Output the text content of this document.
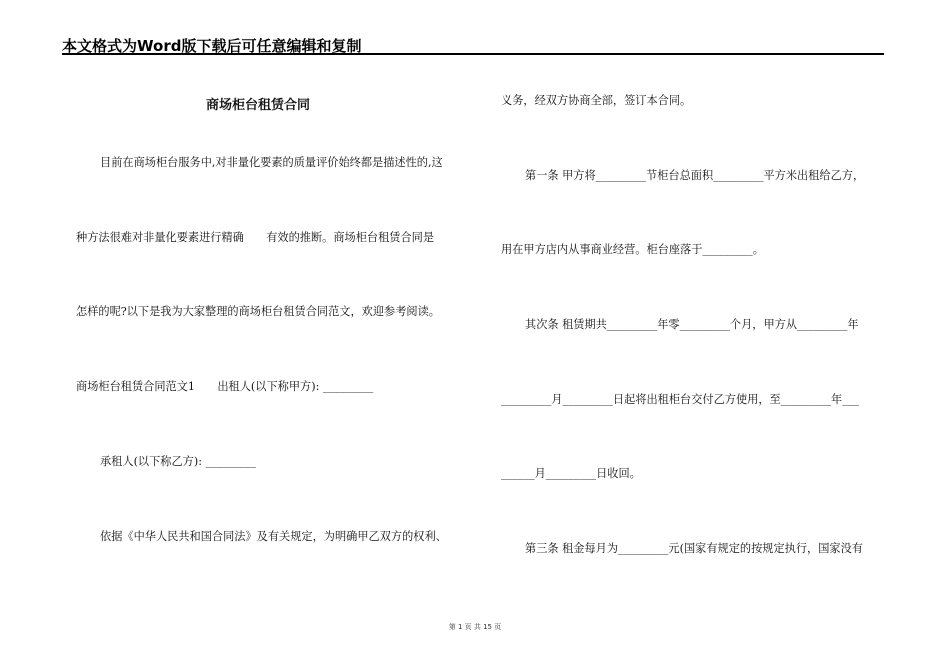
本文格式为Word版下载后可任意编辑和复制
商场柜台租赁合同
目前在商场柜台服务中,对非量化要素的质量评价始终都是描述性的,这
种方法很难对非量化要素进行精确　　有效的推断。商场柜台租赁合同是
怎样的呢?以下是我为大家整理的商场柜台租赁合同范文，欢迎参考阅读。
商场柜台租赁合同范文1　　出租人(以下称甲方): _________
承租人(以下称乙方): _________
依据《中华人民共和国合同法》及有关规定，为明确甲乙双方的权利、
义务，经双方协商全部，签订本合同。
第一条 甲方将_________节柜台总面积_________平方米出租给乙方，
用在甲方店内从事商业经营。柜台座落于_________。
其次条 租赁期共_________年零_________个月，甲方从_________年
_________月_________日起将出租柜台交付乙方使用，至_________年___
______月_________日收回。
第三条 租金每月为_________元(国家有规定的按规定执行，国家没有
第 1 页 共 15 页
